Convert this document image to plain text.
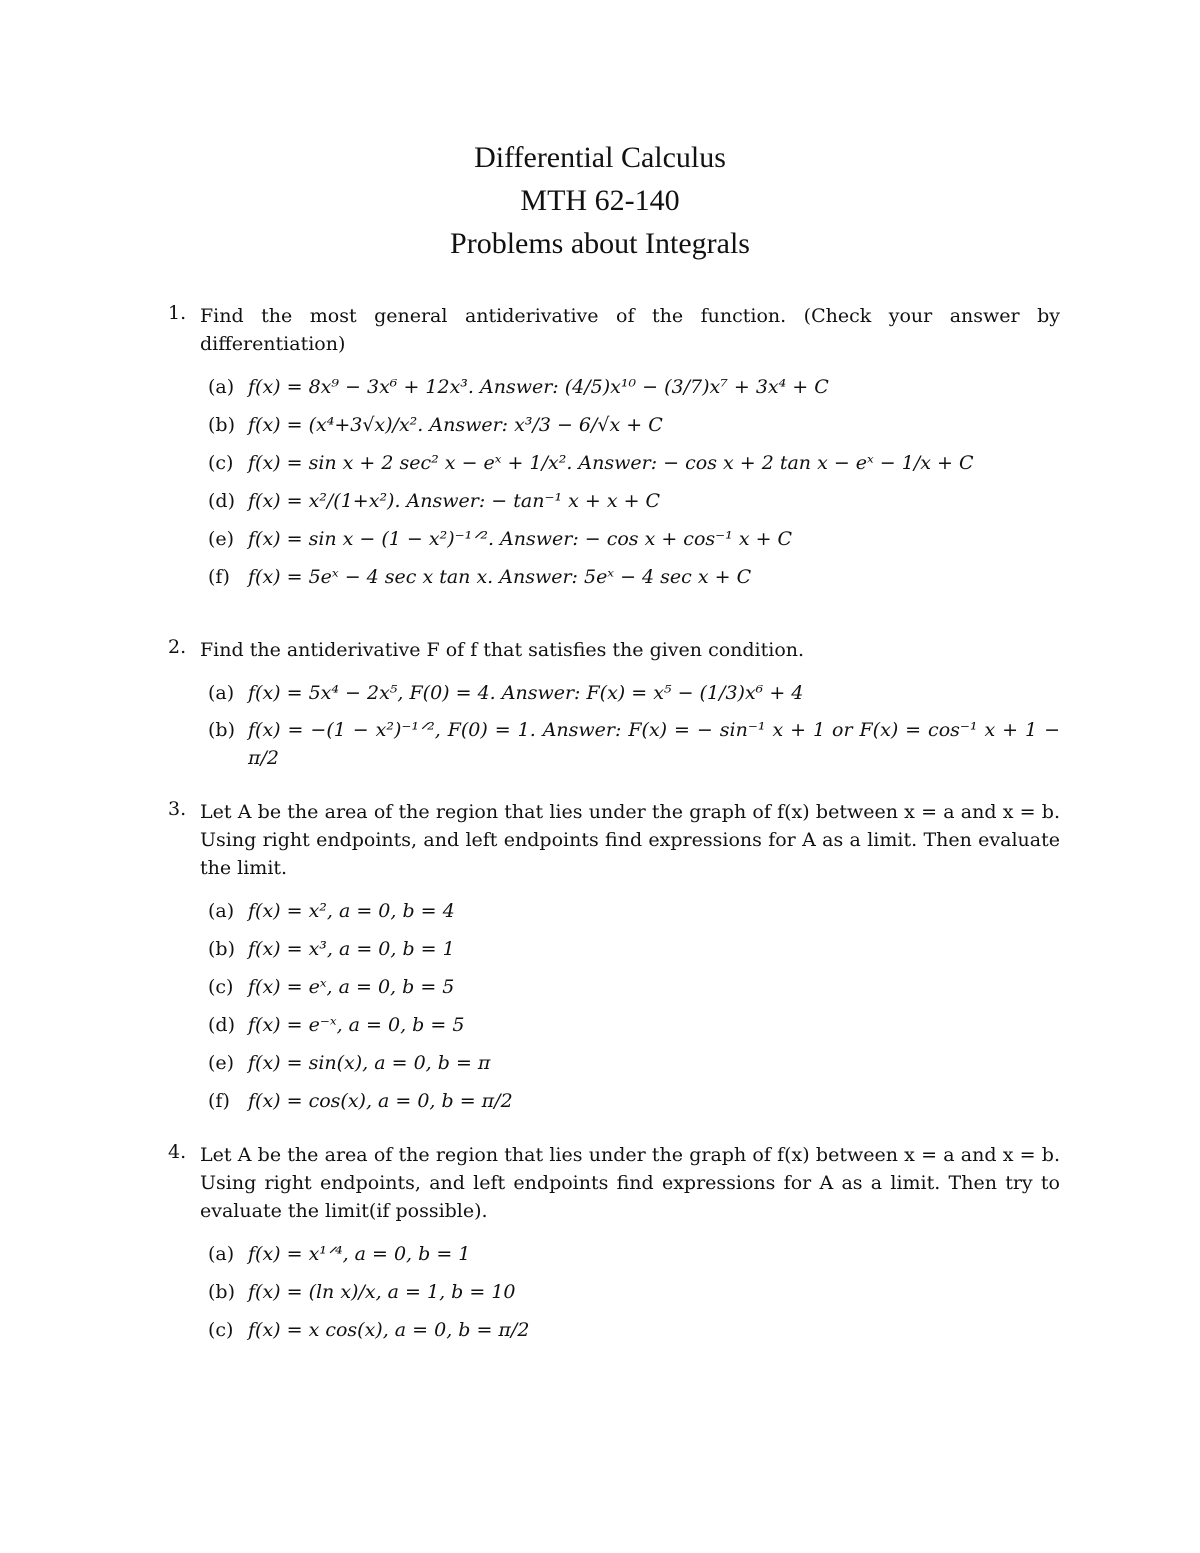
Differential Calculus
MTH 62-140
Problems about Integrals
1. Find the most general antiderivative of the function. (Check your answer by differentiation)
(a) f(x) = 8x⁹ − 3x⁶ + 12x³. Answer: (4/5)x¹⁰ − (3/7)x⁷ + 3x⁴ + C
(b) f(x) = (x⁴+3√x)/x². Answer: x³/3 − 6/√x + C
(c) f(x) = sin x + 2 sec² x − eˣ + 1/x². Answer: − cos x + 2 tan x − eˣ − 1/x + C
(d) f(x) = x²/(1+x²). Answer: − tan⁻¹ x + x + C
(e) f(x) = sin x − (1 − x²)⁻¹ᐟ². Answer: − cos x + cos⁻¹ x + C
(f) f(x) = 5eˣ − 4 sec x tan x. Answer: 5eˣ − 4 sec x + C
2. Find the antiderivative F of f that satisfies the given condition.
(a) f(x) = 5x⁴ − 2x⁵, F(0) = 4. Answer: F(x) = x⁵ − (1/3)x⁶ + 4
(b) f(x) = −(1 − x²)⁻¹ᐟ², F(0) = 1. Answer: F(x) = − sin⁻¹ x + 1 or F(x) = cos⁻¹ x + 1 − π/2
3. Let A be the area of the region that lies under the graph of f(x) between x = a and x = b. Using right endpoints, and left endpoints find expressions for A as a limit. Then evaluate the limit.
(a) f(x) = x², a = 0, b = 4
(b) f(x) = x³, a = 0, b = 1
(c) f(x) = eˣ, a = 0, b = 5
(d) f(x) = e⁻ˣ, a = 0, b = 5
(e) f(x) = sin(x), a = 0, b = π
(f) f(x) = cos(x), a = 0, b = π/2
4. Let A be the area of the region that lies under the graph of f(x) between x = a and x = b. Using right endpoints, and left endpoints find expressions for A as a limit. Then try to evaluate the limit(if possible).
(a) f(x) = x¹ᐟ⁴, a = 0, b = 1
(b) f(x) = (ln x)/x, a = 1, b = 10
(c) f(x) = x cos(x), a = 0, b = π/2
